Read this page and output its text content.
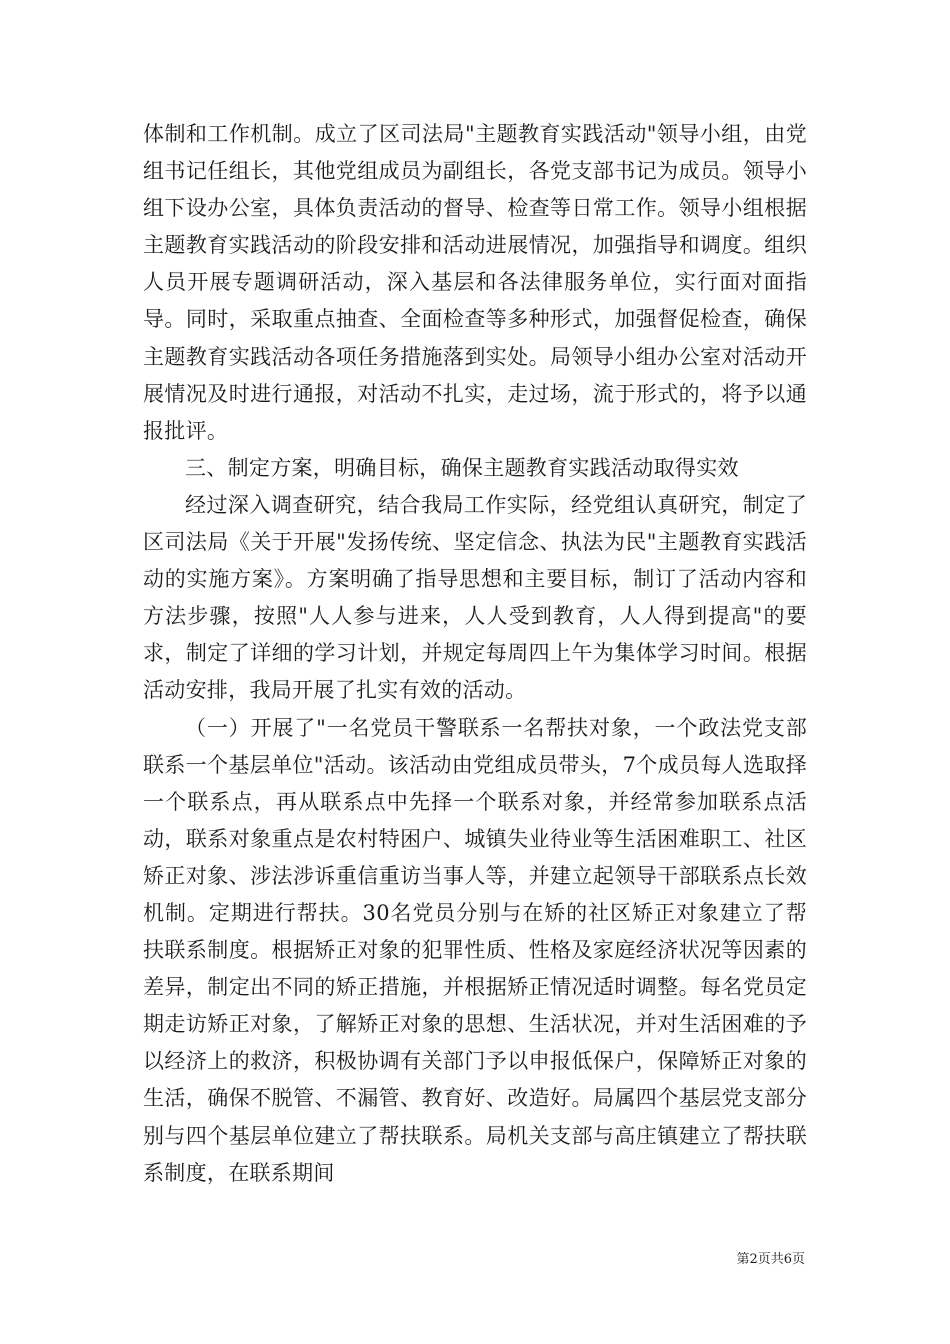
体制和工作机制。成立了区司法局"主题教育实践活动"领导小组，由党组书记任组长，其他党组成员为副组长，各党支部书记为成员。领导小组下设办公室，具体负责活动的督导、检查等日常工作。领导小组根据主题教育实践活动的阶段安排和活动进展情况，加强指导和调度。组织人员开展专题调研活动，深入基层和各法律服务单位，实行面对面指导。同时，采取重点抽查、全面检查等多种形式，加强督促检查，确保主题教育实践活动各项任务措施落到实处。局领导小组办公室对活动开展情况及时进行通报，对活动不扎实，走过场，流于形式的，将予以通报批评。

三、制定方案，明确目标，确保主题教育实践活动取得实效

经过深入调查研究，结合我局工作实际，经党组认真研究，制定了区司法局《关于开展"发扬传统、坚定信念、执法为民"主题教育实践活动的实施方案》。方案明确了指导思想和主要目标，制订了活动内容和方法步骤，按照"人人参与进来，人人受到教育，人人得到提高"的要求，制定了详细的学习计划，并规定每周四上午为集体学习时间。根据活动安排，我局开展了扎实有效的活动。

（一）开展了"一名党员干警联系一名帮扶对象，一个政法党支部联系一个基层单位"活动。该活动由党组成员带头，7个成员每人选取择一个联系点，再从联系点中先择一个联系对象，并经常参加联系点活动，联系对象重点是农村特困户、城镇失业待业等生活困难职工、社区矫正对象、涉法涉诉重信重访当事人等，并建立起领导干部联系点长效机制。定期进行帮扶。30名党员分别与在矫的社区矫正对象建立了帮扶联系制度。根据矫正对象的犯罪性质、性格及家庭经济状况等因素的差异，制定出不同的矫正措施，并根据矫正情况适时调整。每名党员定期走访矫正对象，了解矫正对象的思想、生活状况，并对生活困难的予以经济上的救济，积极协调有关部门予以申报低保户，保障矫正对象的生活，确保不脱管、不漏管、教育好、改造好。局属四个基层党支部分别与四个基层单位建立了帮扶联系。局机关支部与高庄镇建立了帮扶联系制度，在联系期间

第2页共6页
